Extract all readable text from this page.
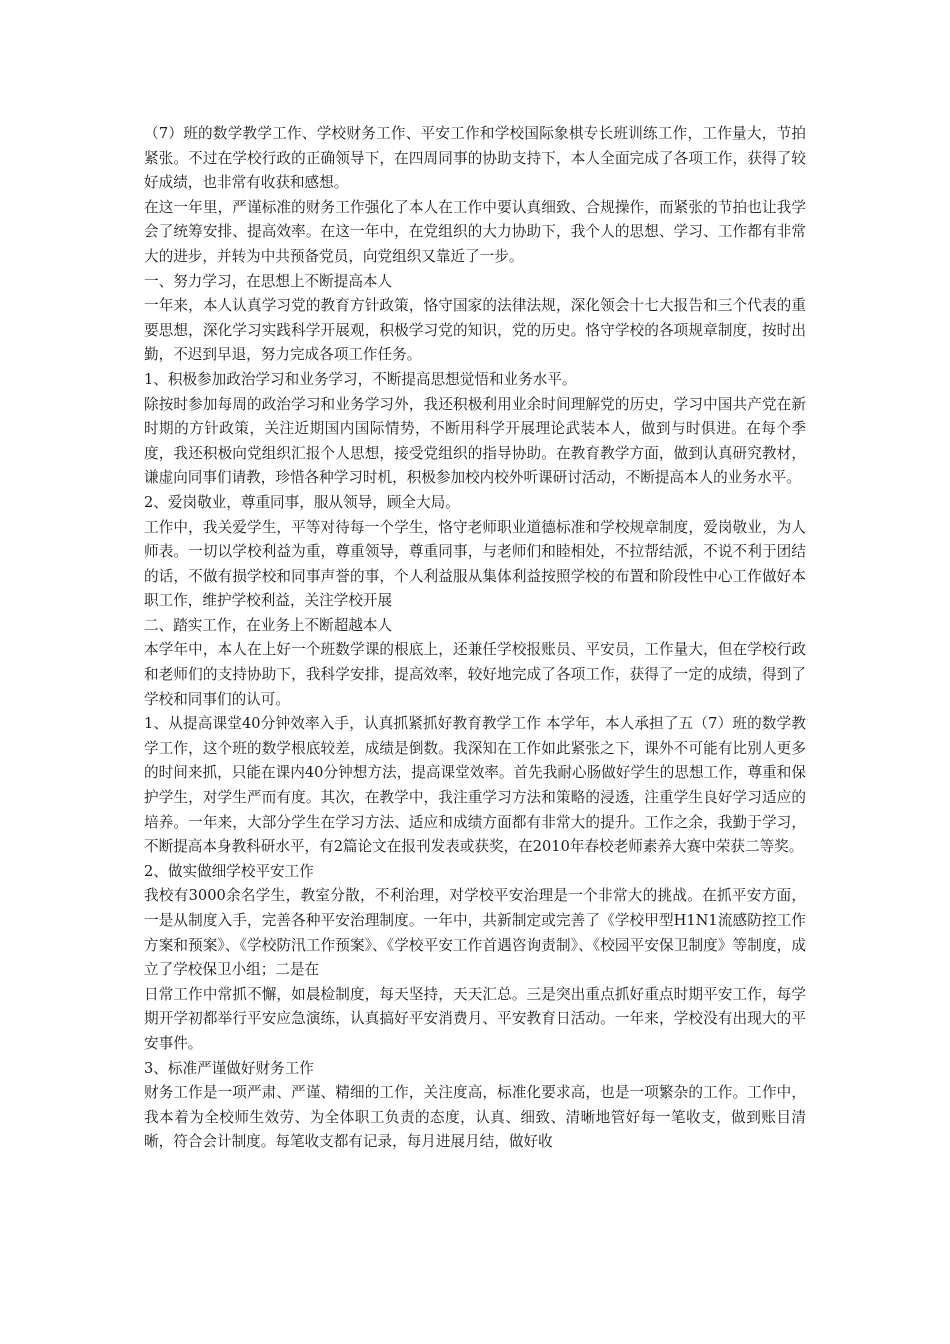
（7）班的数学教学工作、学校财务工作、平安工作和学校国际象棋专长班训练工作，工作量大，节拍紧张。不过在学校行政的正确领导下，在四周同事的协助支持下，本人全面完成了各项工作，获得了较好成绩，也非常有收获和感想。

在这一年里，严谨标准的财务工作强化了本人在工作中要认真细致、合规操作，而紧张的节拍也让我学会了统筹安排、提高效率。在这一年中，在党组织的大力协助下，我个人的思想、学习、工作都有非常大的进步，并转为中共预备党员，向党组织又靠近了一步。

一、努力学习，在思想上不断提高本人

一年来，本人认真学习党的教育方针政策，恪守国家的法律法规，深化领会十七大报告和三个代表的重要思想，深化学习实践科学开展观，积极学习党的知识，党的历史。恪守学校的各项规章制度，按时出勤，不迟到早退，努力完成各项工作任务。

1、积极参加政治学习和业务学习，不断提高思想觉悟和业务水平。

除按时参加每周的政治学习和业务学习外，我还积极利用业余时间理解党的历史，学习中国共产党在新时期的方针政策，关注近期国内国际情势，不断用科学开展理论武装本人，做到与时俱进。在每个季度，我还积极向党组织汇报个人思想，接受党组织的指导协助。在教育教学方面，做到认真研究教材，谦虚向同事们请教，珍惜各种学习时机，积极参加校内校外听课研讨活动，不断提高本人的业务水平。

2、爱岗敬业，尊重同事，服从领导，顾全大局。

工作中，我关爱学生，平等对待每一个学生，恪守老师职业道德标准和学校规章制度，爱岗敬业，为人师表。一切以学校利益为重，尊重领导，尊重同事，与老师们和睦相处，不拉帮结派，不说不利于团结的话，不做有损学校和同事声誉的事，个人利益服从集体利益按照学校的布置和阶段性中心工作做好本职工作，维护学校利益，关注学校开展

二、踏实工作，在业务上不断超越本人

本学年中，本人在上好一个班数学课的根底上，还兼任学校报账员、平安员，工作量大，但在学校行政和老师们的支持协助下，我科学安排，提高效率，较好地完成了各项工作，获得了一定的成绩，得到了学校和同事们的认可。

1、从提高课堂40分钟效率入手，认真抓紧抓好教育教学工作 本学年，本人承担了五（7）班的数学教学工作，这个班的数学根底较差，成绩是倒数。我深知在工作如此紧张之下，课外不可能有比别人更多的时间来抓，只能在课内40分钟想方法，提高课堂效率。首先我耐心肠做好学生的思想工作，尊重和保护学生，对学生严而有度。其次，在教学中，我注重学习方法和策略的浸透，注重学生良好学习适应的培养。一年来，大部分学生在学习方法、适应和成绩方面都有非常大的提升。工作之余，我勤于学习，不断提高本身教科研水平，有2篇论文在报刊发表或获奖，在2010年春校老师素养大赛中荣获二等奖。

2、做实做细学校平安工作

我校有3000余名学生，教室分散，不利治理，对学校平安治理是一个非常大的挑战。在抓平安方面，一是从制度入手，完善各种平安治理制度。一年中，共新制定或完善了《学校甲型H1N1流感防控工作方案和预案》、《学校防汛工作预案》、《学校平安工作首遇咨询责制》、《校园平安保卫制度》等制度，成立了学校保卫小组；二是在

日常工作中常抓不懈，如晨检制度，每天坚持，天天汇总。三是突出重点抓好重点时期平安工作，每学期开学初都举行平安应急演练，认真搞好平安消费月、平安教育日活动。一年来，学校没有出现大的平安事件。

3、标准严谨做好财务工作

财务工作是一项严肃、严谨、精细的工作，关注度高，标准化要求高，也是一项繁杂的工作。工作中，我本着为全校师生效劳、为全体职工负责的态度，认真、细致、清晰地管好每一笔收支，做到账目清晰，符合会计制度。每笔收支都有记录，每月进展月结，做好收
